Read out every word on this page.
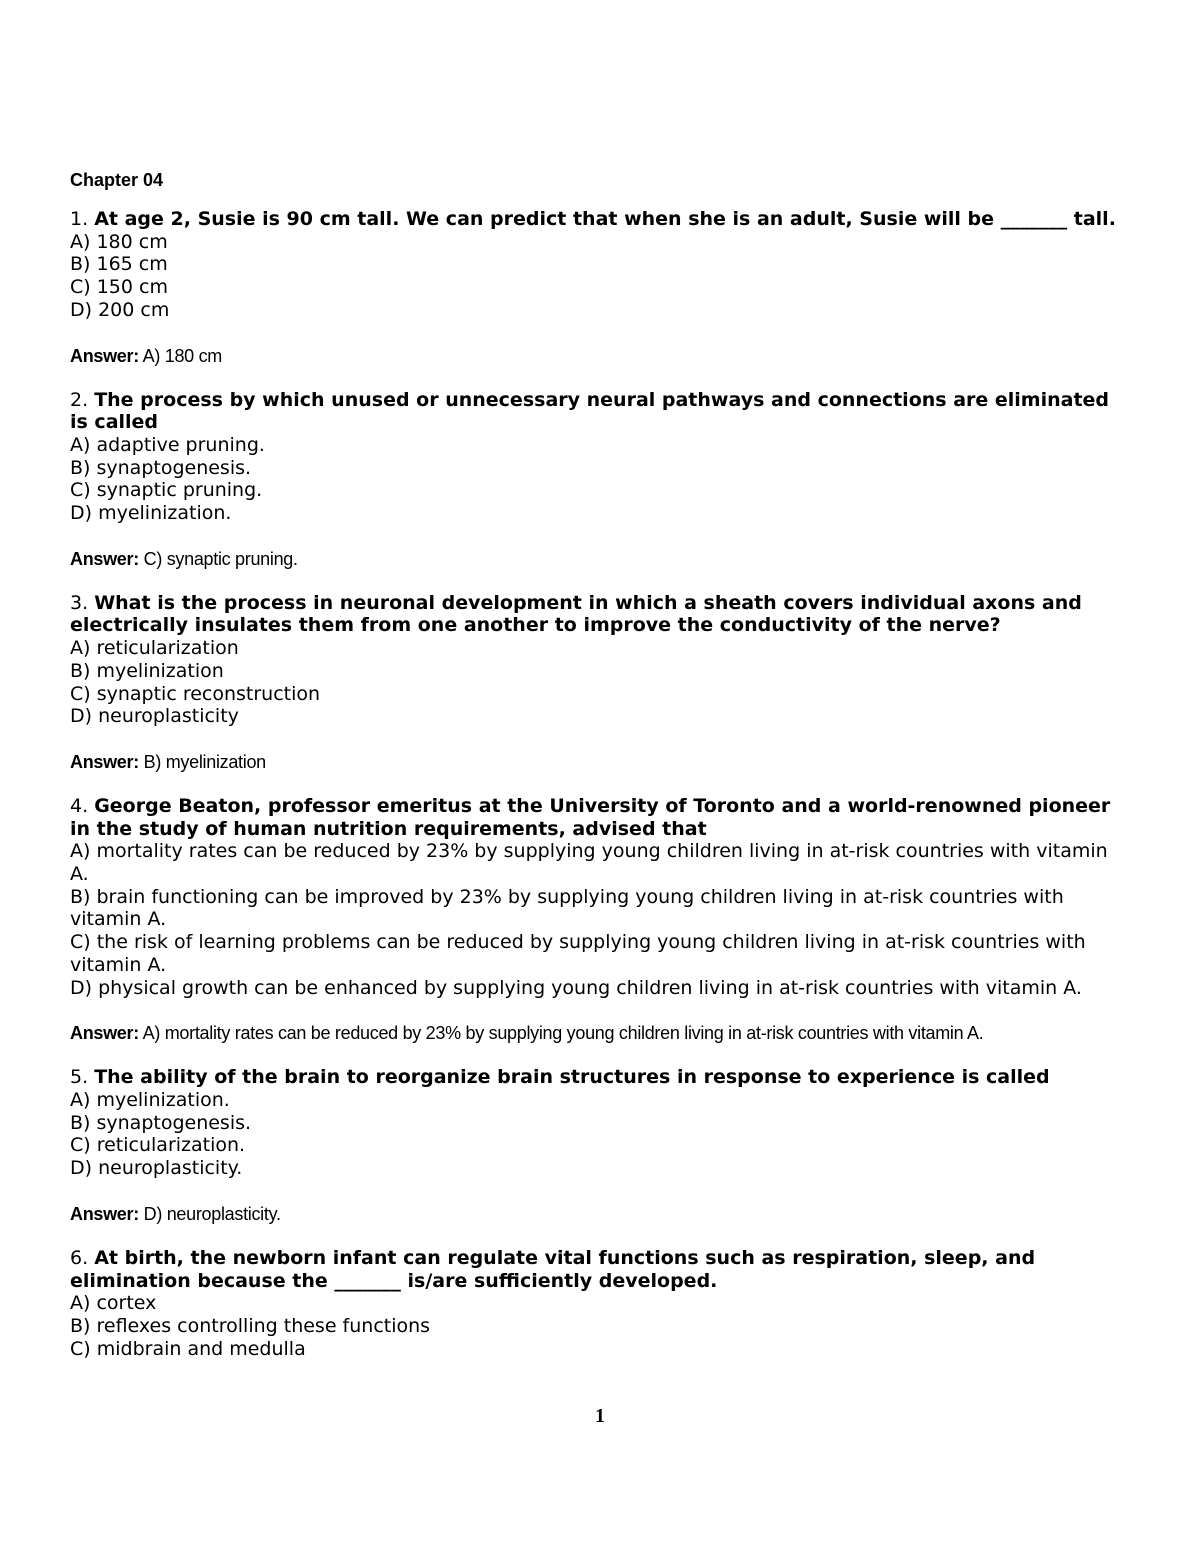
Chapter 04

1. At age 2, Susie is 90 cm tall. We can predict that when she is an adult, Susie will be _______ tall.

A) 180 cm
B) 165 cm
C) 150 cm
D) 200 cm

Answer: A) 180 cm

2. The process by which unused or unnecessary neural pathways and connections are eliminated is called

A) adaptive pruning.
B) synaptogenesis.
C) synaptic pruning.
D) myelinization.

Answer: C) synaptic pruning.

3. What is the process in neuronal development in which a sheath covers individual axons and electrically insulates them from one another to improve the conductivity of the nerve?

A) reticularization
B) myelinization
C) synaptic reconstruction
D) neuroplasticity

Answer: B) myelinization

4. George Beaton, professor emeritus at the University of Toronto and a world-renowned pioneer in the study of human nutrition requirements, advised that

A) mortality rates can be reduced by 23% by supplying young children living in at-risk countries with vitamin A.
B) brain functioning can be improved by 23% by supplying young children living in at-risk countries with vitamin A.
C) the risk of learning problems can be reduced by supplying young children living in at-risk countries with vitamin A.
D) physical growth can be enhanced by supplying young children living in at-risk countries with vitamin A.

Answer: A) mortality rates can be reduced by 23% by supplying young children living in at-risk countries with vitamin A.

5. The ability of the brain to reorganize brain structures in response to experience is called

A) myelinization.
B) synaptogenesis.
C) reticularization.
D) neuroplasticity.

Answer: D) neuroplasticity.

6. At birth, the newborn infant can regulate vital functions such as respiration, sleep, and elimination because the _______ is/are sufficiently developed.

A) cortex
B) reflexes controlling these functions
C) midbrain and medulla
1
